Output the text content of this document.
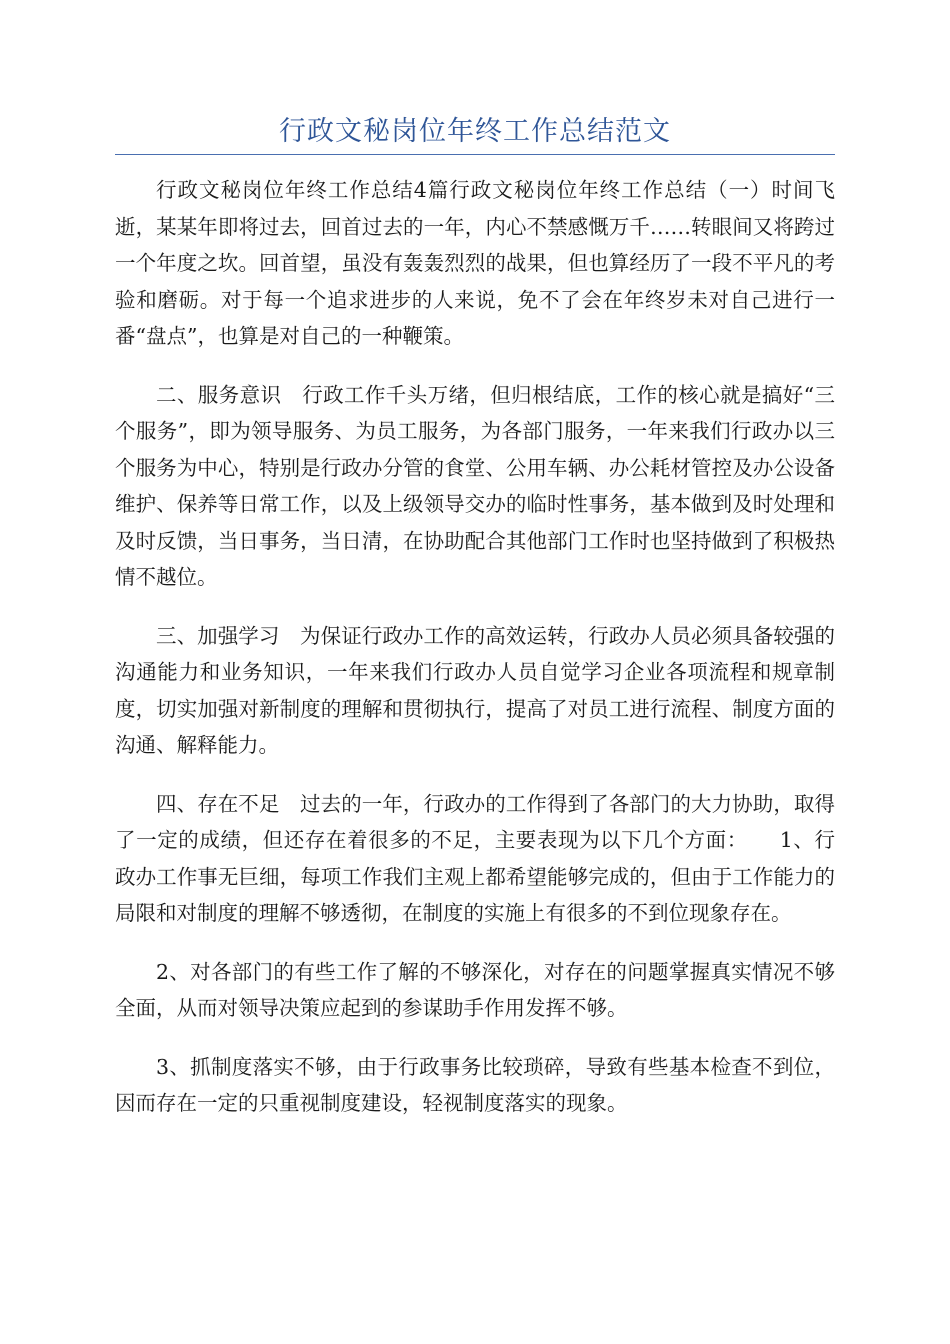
行政文秘岗位年终工作总结范文

行政文秘岗位年终工作总结4篇行政文秘岗位年终工作总结（一）时间飞逝，某某年即将过去，回首过去的一年，内心不禁感慨万千……转眼间又将跨过一个年度之坎。回首望，虽没有轰轰烈烈的战果，但也算经历了一段不平凡的考验和磨砺。对于每一个追求进步的人来说，免不了会在年终岁未对自己进行一番“盘点”，也算是对自己的一种鞭策。

二、服务意识　行政工作千头万绪，但归根结底，工作的核心就是搞好“三个服务”，即为领导服务、为员工服务，为各部门服务，一年来我们行政办以三个服务为中心，特别是行政办分管的食堂、公用车辆、办公耗材管控及办公设备维护、保养等日常工作，以及上级领导交办的临时性事务，基本做到及时处理和及时反馈，当日事务，当日清，在协助配合其他部门工作时也坚持做到了积极热情不越位。

三、加强学习　为保证行政办工作的高效运转，行政办人员必须具备较强的沟通能力和业务知识，一年来我们行政办人员自觉学习企业各项流程和规章制度，切实加强对新制度的理解和贯彻执行，提高了对员工进行流程、制度方面的沟通、解释能力。

四、存在不足　过去的一年，行政办的工作得到了各部门的大力协助，取得了一定的成绩，但还存在着很多的不足，主要表现为以下几个方面：　　1、行政办工作事无巨细，每项工作我们主观上都希望能够完成的，但由于工作能力的局限和对制度的理解不够透彻，在制度的实施上有很多的不到位现象存在。

2、对各部门的有些工作了解的不够深化，对存在的问题掌握真实情况不够全面，从而对领导决策应起到的参谋助手作用发挥不够。

3、抓制度落实不够，由于行政事务比较琐碎，导致有些基本检查不到位，因而存在一定的只重视制度建设，轻视制度落实的现象。
